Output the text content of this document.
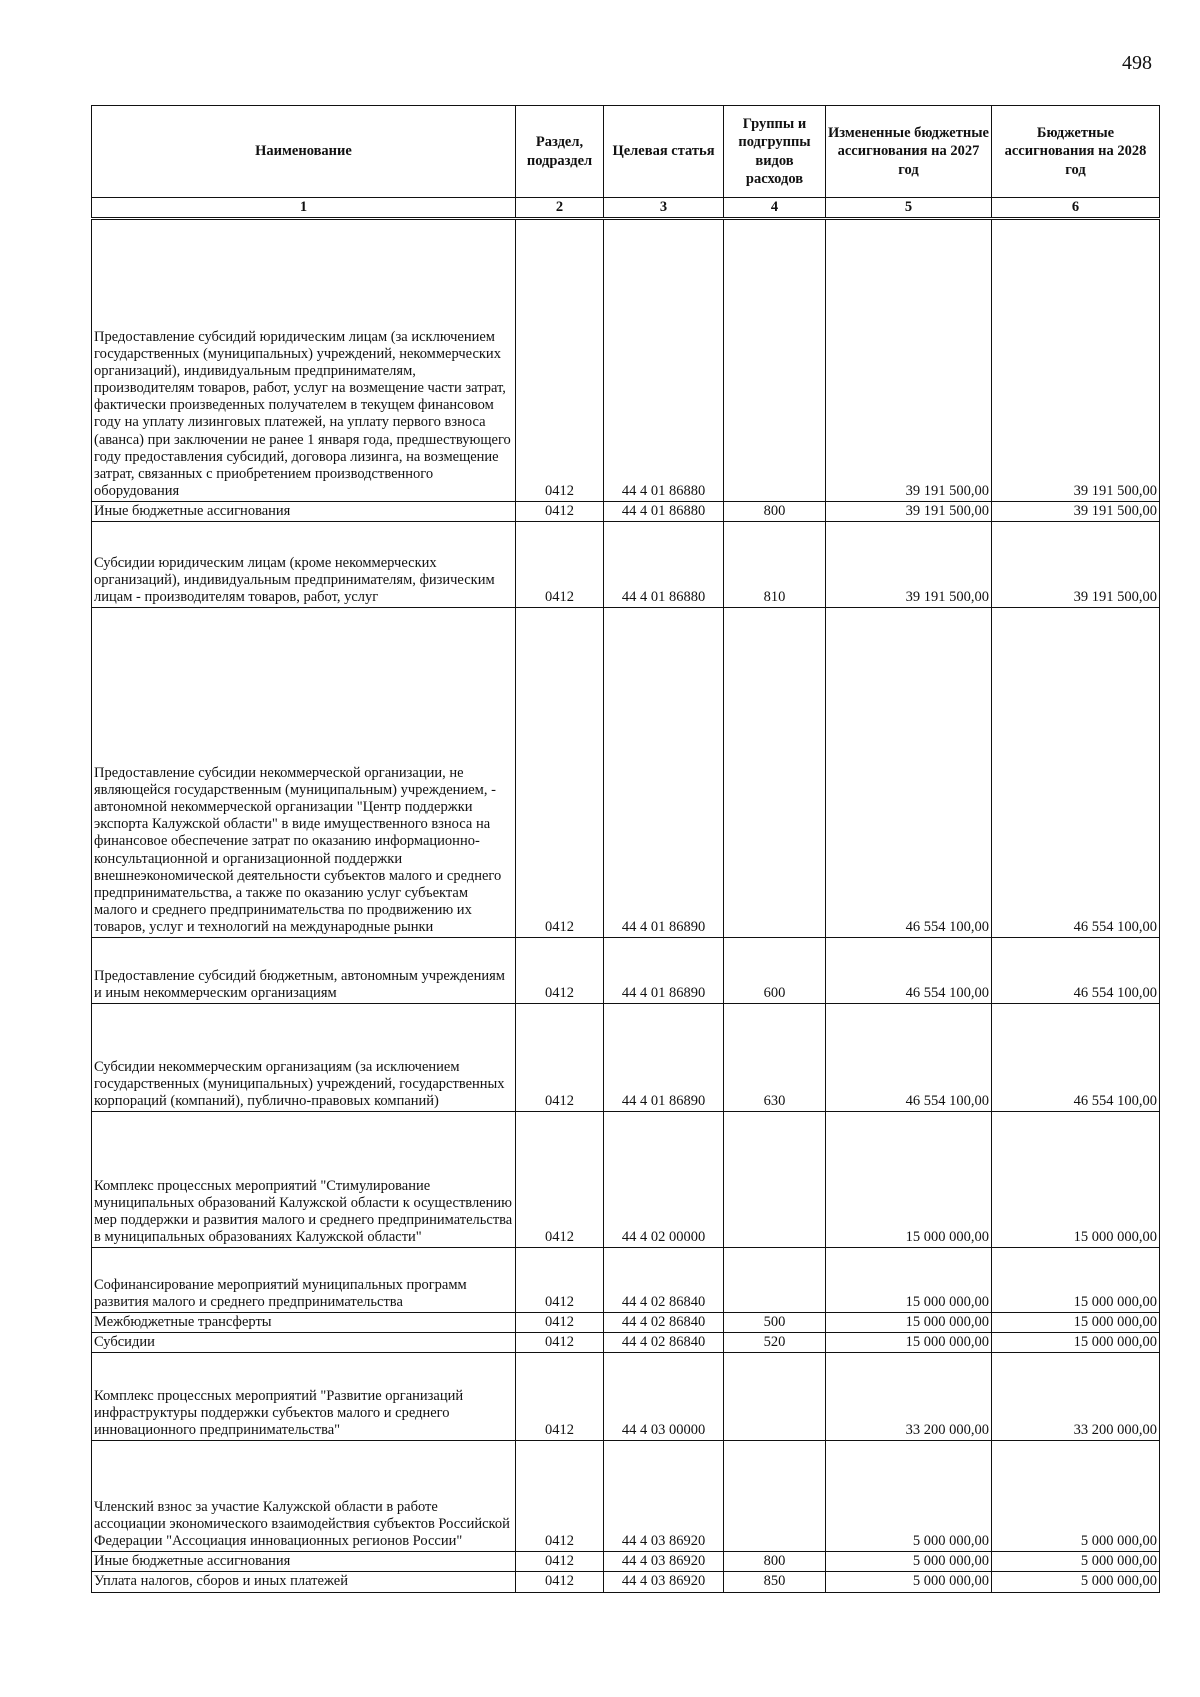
498
Наименование	Раздел, подраздел	Целевая статья	Группы и подгруппы видов расходов	Измененные бюджетные ассигнования на 2027 год	Бюджетные ассигнования на 2028 год
1	2	3	4	5	6
Предоставление субсидий юридическим лицам (за исключением государственных (муниципальных) учреждений, некоммерческих организаций), индивидуальным предпринимателям, производителям товаров, работ, услуг на возмещение части затрат, фактически произведенных получателем в текущем финансовом году на уплату лизинговых платежей, на уплату первого взноса (аванса) при заключении не ранее 1 января года, предшествующего году предоставления субсидий, договора лизинга, на возмещение затрат, связанных с приобретением производственного оборудования	0412	44 4 01 86880		39 191 500,00	39 191 500,00
Иные бюджетные ассигнования	0412	44 4 01 86880	800	39 191 500,00	39 191 500,00
Субсидии юридическим лицам (кроме некоммерческих организаций), индивидуальным предпринимателям, физическим лицам - производителям товаров, работ, услуг	0412	44 4 01 86880	810	39 191 500,00	39 191 500,00
Предоставление субсидии некоммерческой организации, не являющейся государственным (муниципальным) учреждением, - автономной некоммерческой организации "Центр поддержки экспорта Калужской области" в виде имущественного взноса на финансовое обеспечение затрат по оказанию информационно-консультационной и организационной поддержки внешнеэкономической деятельности субъектов малого и среднего предпринимательства, а также по оказанию услуг субъектам малого и среднего предпринимательства по продвижению их товаров, услуг и технологий на международные рынки	0412	44 4 01 86890		46 554 100,00	46 554 100,00
Предоставление субсидий бюджетным, автономным учреждениям и иным некоммерческим организациям	0412	44 4 01 86890	600	46 554 100,00	46 554 100,00
Субсидии некоммерческим организациям (за исключением государственных (муниципальных) учреждений, государственных корпораций (компаний), публично-правовых компаний)	0412	44 4 01 86890	630	46 554 100,00	46 554 100,00
Комплекс процессных мероприятий "Стимулирование муниципальных образований Калужской области к осуществлению мер поддержки и развития малого и среднего предпринимательства в муниципальных образованиях Калужской области"	0412	44 4 02 00000		15 000 000,00	15 000 000,00
Софинансирование мероприятий муниципальных программ развития малого и среднего предпринимательства	0412	44 4 02 86840		15 000 000,00	15 000 000,00
Межбюджетные трансферты	0412	44 4 02 86840	500	15 000 000,00	15 000 000,00
Субсидии	0412	44 4 02 86840	520	15 000 000,00	15 000 000,00
Комплекс процессных мероприятий "Развитие организаций инфраструктуры поддержки субъектов малого и среднего инновационного предпринимательства"	0412	44 4 03 00000		33 200 000,00	33 200 000,00
Членский взнос за участие Калужской области в работе ассоциации экономического взаимодействия субъектов Российской Федерации "Ассоциация инновационных регионов России"	0412	44 4 03 86920		5 000 000,00	5 000 000,00
Иные бюджетные ассигнования	0412	44 4 03 86920	800	5 000 000,00	5 000 000,00
Уплата налогов, сборов и иных платежей	0412	44 4 03 86920	850	5 000 000,00	5 000 000,00
